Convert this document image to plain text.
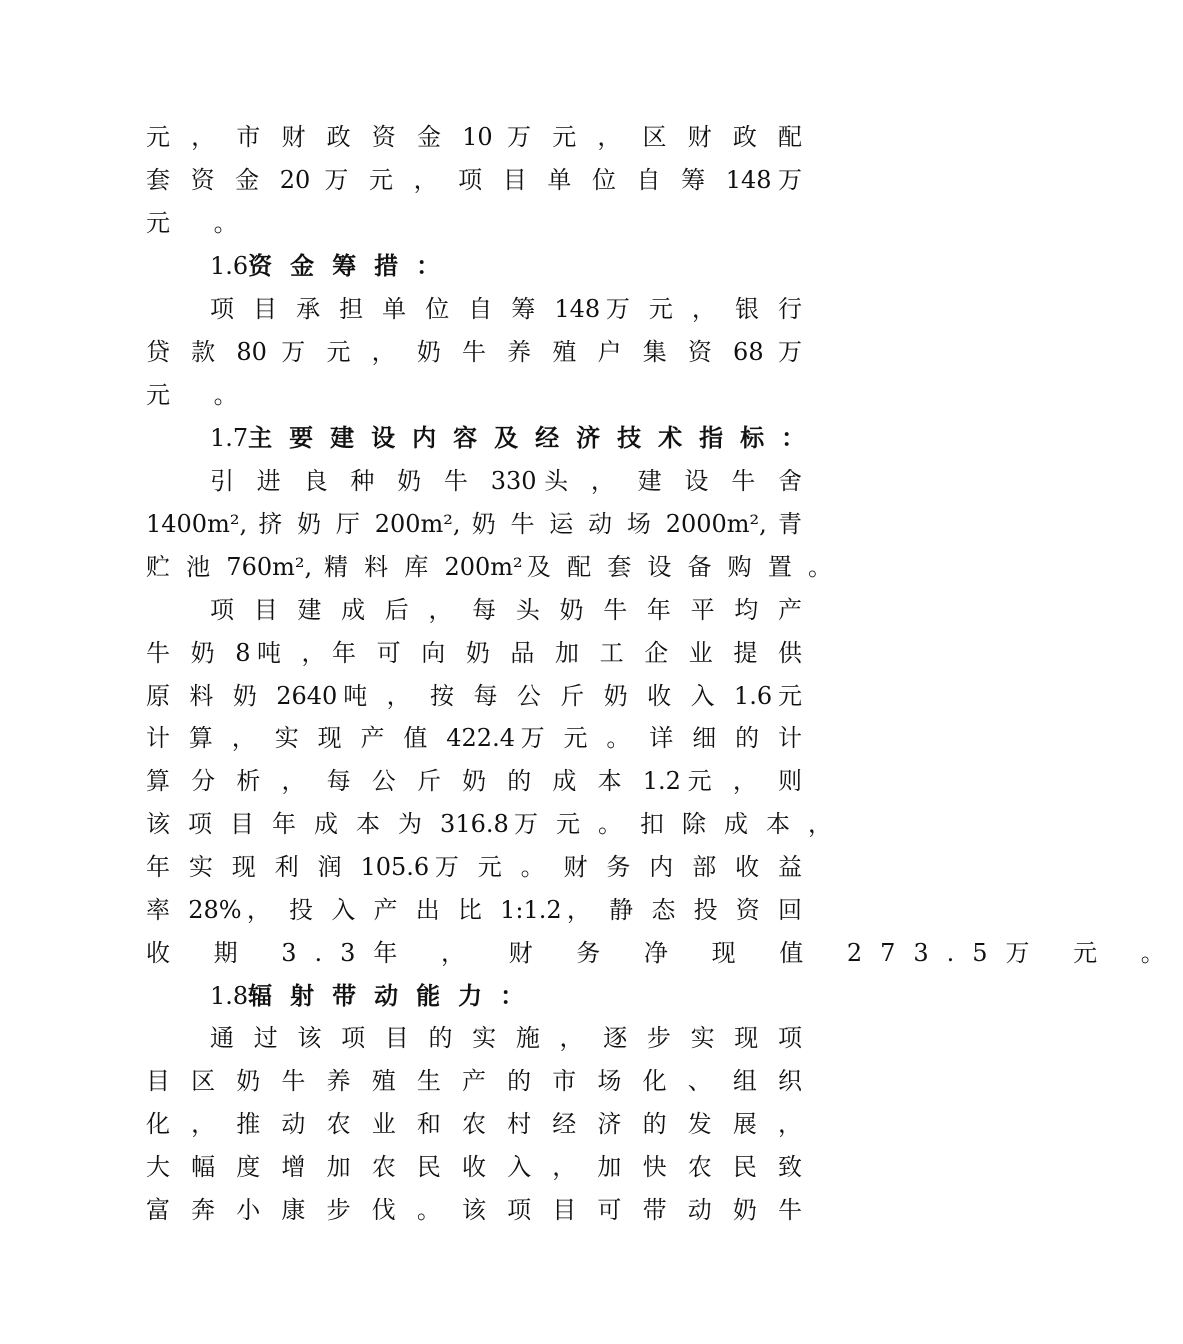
元 ， 市 财 政 资 金 10 万 元 ， 区 财 政 配
套 资 金 20 万 元 ， 项 目 单 位 自 筹 148万
元 。
1.6资金筹措：
项 目 承 担 单 位 自 筹 148万 元 ， 银 行
贷 款 80 万 元 ， 奶 牛 养 殖 户 集 资 68 万
元 。
1.7主要建设内容及经济技术指标：
引 进 良 种 奶 牛 330头 ， 建 设 牛 舍
1400m², 挤 奶 厅 200m², 奶 牛 运 动 场 2000m², 青
贮 池 760m², 精 料 库 200m²及 配 套 设 备 购 置 。
项 目 建 成 后 ， 每 头 奶 牛 年 平 均 产
牛 奶 8吨 ，年 可 向 奶 品 加 工 企 业 提 供
原 料 奶 2640吨 ， 按 每 公 斤 奶 收 入 1.6元
计 算 ， 实 现 产 值 422.4万 元 。 详 细 的 计
算 分 析 ， 每 公 斤 奶 的 成 本 1.2元 ， 则
该 项 目 年 成 本 为 316.8万 元 。 扣 除 成 本 ，
年 实 现 利 润 105.6万 元 。 财 务 内 部 收 益
率 28%， 投 入 产 出 比 1:1.2， 静 态 投 资 回
收 期 3.3年 ， 财 务 净 现 值 273.5万 元 。
1.8辐射带动能力：
通 过 该 项 目 的 实 施 ， 逐 步 实 现 项
目 区 奶 牛 养 殖 生 产 的 市 场 化 、 组 织
化 ， 推 动 农 业 和 农 村 经 济 的 发 展 ，
大 幅 度 增 加 农 民 收 入 ， 加 快 农 民 致
富 奔 小 康 步 伐 。 该 项 目 可 带 动 奶 牛
